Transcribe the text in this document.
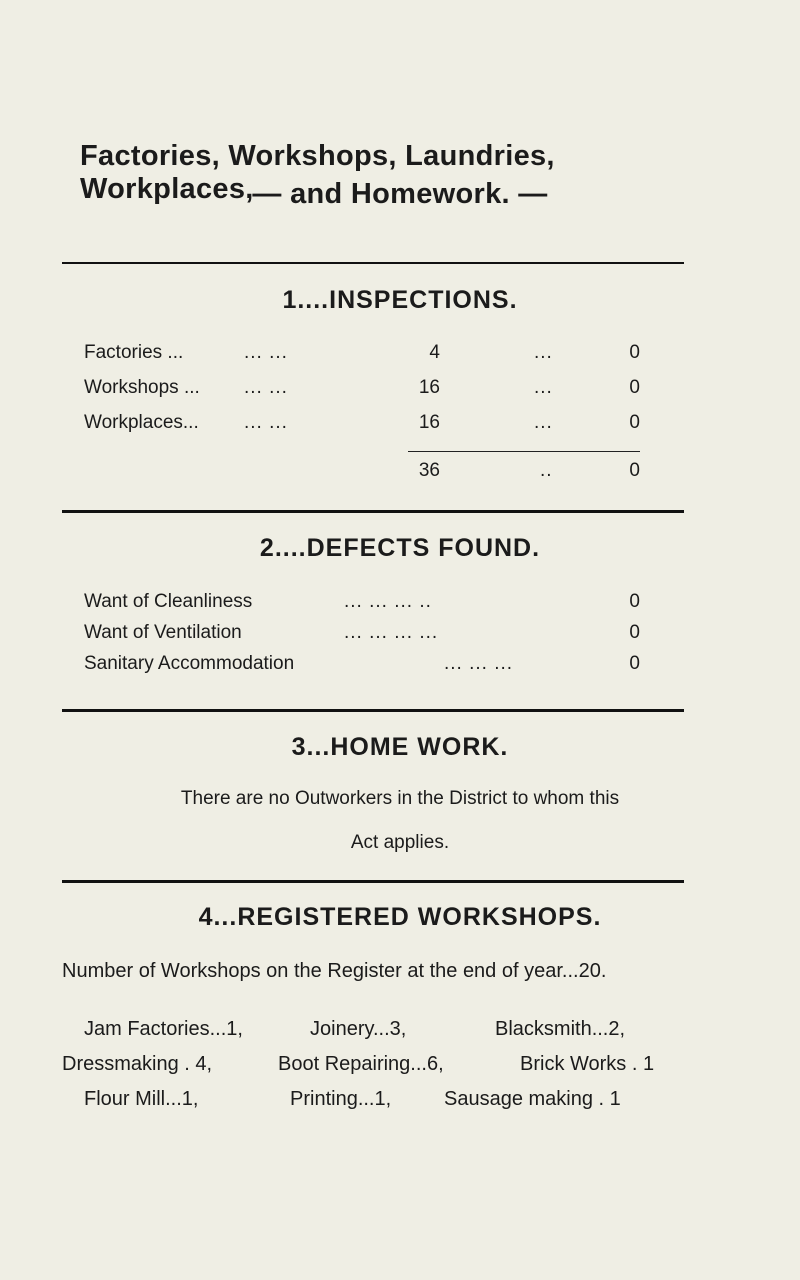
Factories, Workshops, Laundries, Workplaces,
— and Homework. —
1....INSPECTIONS.
Factories ...	... ...	4	...	0
Workshops ... ... ...	16	...	0
Workplaces... ... ...	16	...	0
36	..	0
2....DEFECTS FOUND.
Want of Cleanliness	... ... ... ..	0
Want of Ventilation	... ... ... ...	0
Sanitary Accommodation	... ... ...	0
3...HOME WORK.
There are no Outworkers in the District to whom this
Act applies.
4...REGISTERED WORKSHOPS.
Number of Workshops on the Register at the end of year...20.
Jam Factories...1,	Joinery...3,	Blacksmith...2,
Dressmaking . 4,	Boot Repairing...6,	Brick Works . 1
Flour Mill...1,	Printing...1,	Sausage making . 1
